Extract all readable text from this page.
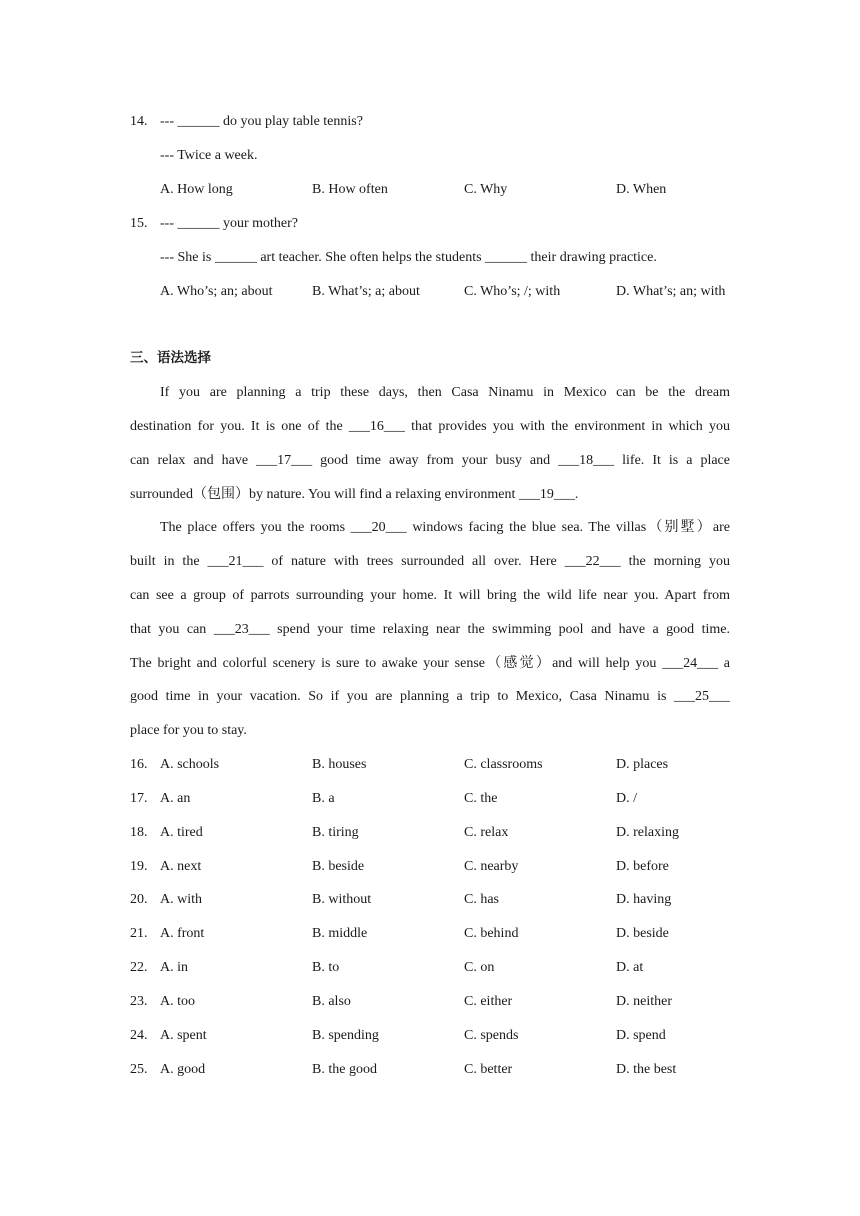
14. --- ______ do you play table tennis?
--- Twice a week.
A. How long	B. How often	C. Why	D. When
15. --- ______ your mother?
--- She is ______ art teacher. She often helps the students ______ their drawing practice.
A. Who’s; an; about	B. What’s; a; about	C. Who’s; /; with	D. What’s; an; with
三、语法选择
If you are planning a trip these days, then Casa Ninamu in Mexico can be the dream
destination for you. It is one of the ___16___ that provides you with the environment in which you
can relax and have ___17___ good time away from your busy and ___18___ life. It is a place
surrounded（包围）by nature. You will find a relaxing environment ___19___.
The place offers you the rooms ___20___ windows facing the blue sea. The villas（别墅）are
built in the ___21___ of nature with trees surrounded all over. Here ___22___ the morning you
can see a group of parrots surrounding your home. It will bring the wild life near you. Apart from
that you can ___23___ spend your time relaxing near the swimming pool and have a good time.
The bright and colorful scenery is sure to awake your sense（感觉）and will help you ___24___ a
good time in your vacation. So if you are planning a trip to Mexico, Casa Ninamu is ___25___
place for you to stay.
16. A. schools	B. houses	C. classrooms	D. places
17. A. an	B. a	C. the	D. /
18. A. tired	B. tiring	C. relax	D. relaxing
19. A. next	B. beside	C. nearby	D. before
20. A. with	B. without	C. has	D. having
21. A. front	B. middle	C. behind	D. beside
22. A. in	B. to	C. on	D. at
23. A. too	B. also	C. either	D. neither
24. A. spent	B. spending	C. spends	D. spend
25. A. good	B. the good	C. better	D. the best
